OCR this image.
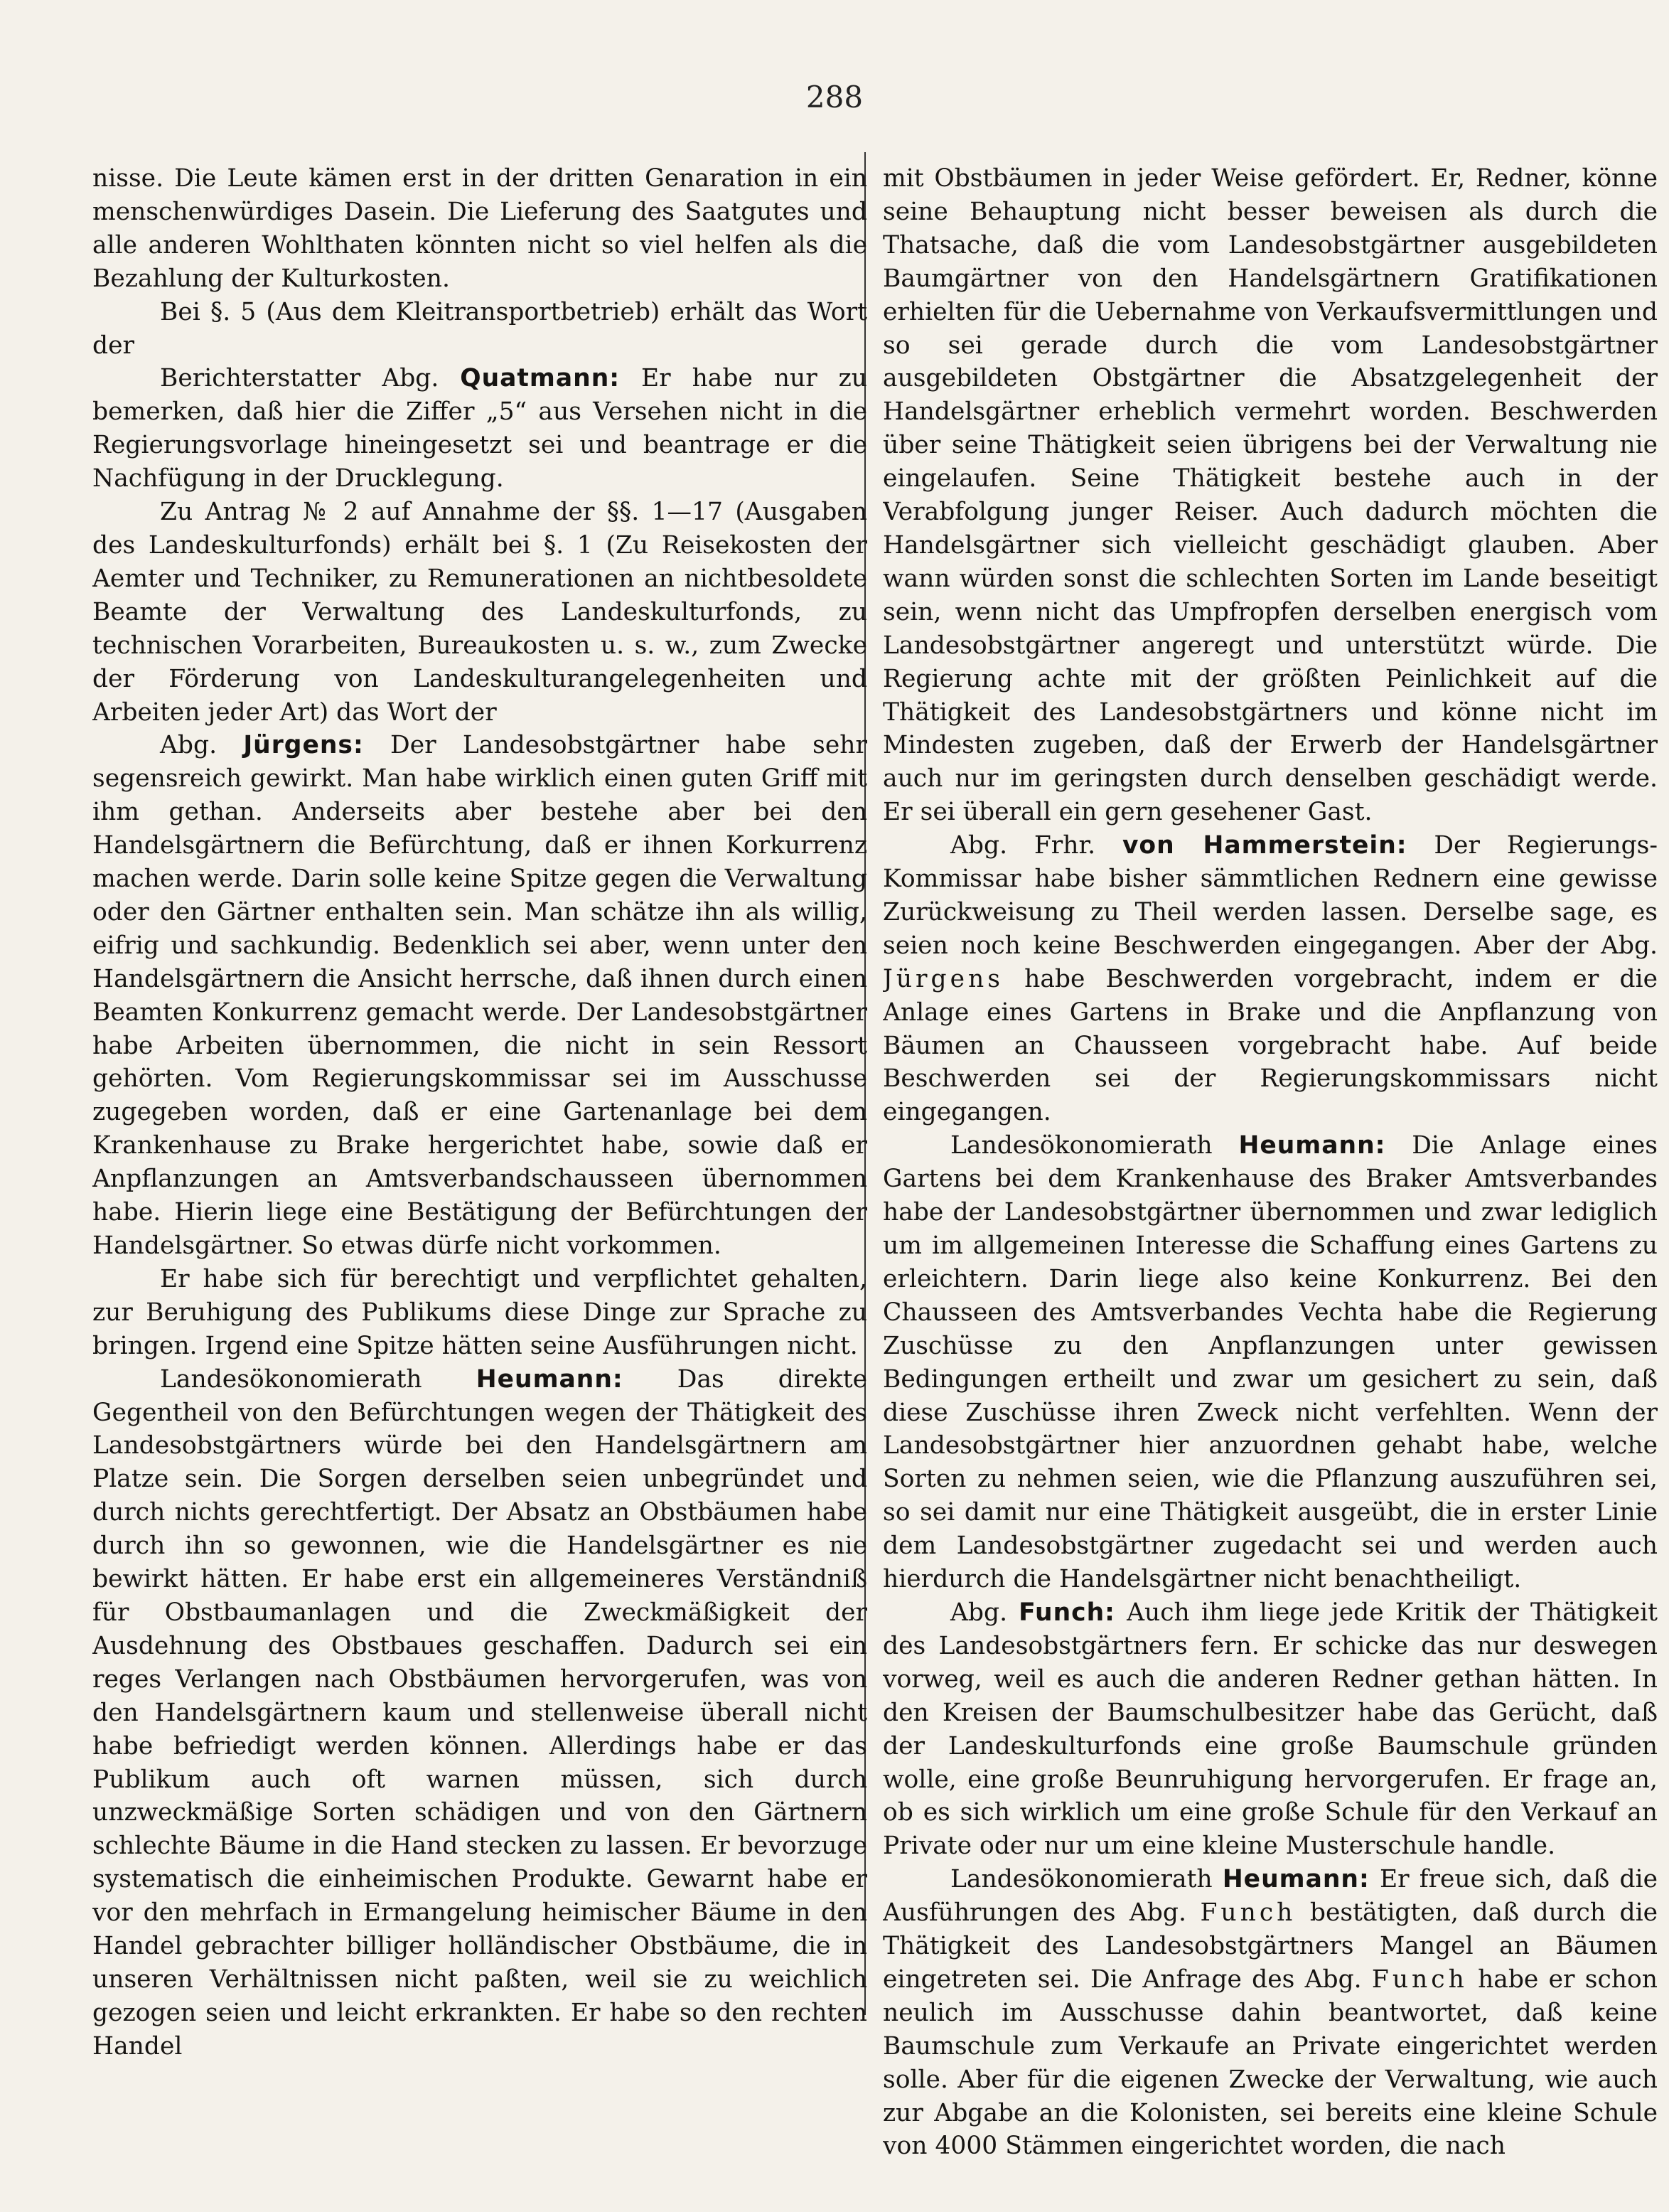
288

nisse. Die Leute kämen erst in der dritten Genaration in ein menschenwürdiges Dasein. Die Lieferung des Saatgutes und alle anderen Wohlthaten könnten nicht so viel helfen als die Bezahlung der Kulturkosten.

Bei §. 5 (Aus dem Kleitransportbetrieb) erhält das Wort der

Berichterstatter Abg. Quatmann: Er habe nur zu bemerken, daß hier die Ziffer „5“ aus Versehen nicht in die Regierungsvorlage hineingesetzt sei und beantrage er die Nachfügung in der Drucklegung.

Zu Antrag № 2 auf Annahme der §§. 1—17 (Ausgaben des Landeskulturfonds) erhält bei §. 1 (Zu Reisekosten der Aemter und Techniker, zu Remunerationen an nichtbesoldete Beamte der Verwaltung des Landeskulturfonds, zu technischen Vorarbeiten, Bureaukosten u. s. w., zum Zwecke der Förderung von Landeskulturangelegenheiten und Arbeiten jeder Art) das Wort der

Abg. Jürgens: Der Landesobstgärtner habe sehr segensreich gewirkt. Man habe wirklich einen guten Griff mit ihm gethan. Anderseits aber bestehe aber bei den Handelsgärtnern die Befürchtung, daß er ihnen Korkurrenz machen werde. Darin solle keine Spitze gegen die Verwaltung oder den Gärtner enthalten sein. Man schätze ihn als willig, eifrig und sachkundig. Bedenklich sei aber, wenn unter den Handelsgärtnern die Ansicht herrsche, daß ihnen durch einen Beamten Konkurrenz gemacht werde. Der Landesobstgärtner habe Arbeiten übernommen, die nicht in sein Ressort gehörten. Vom Regierungskommissar sei im Ausschusse zugegeben worden, daß er eine Gartenanlage bei dem Krankenhause zu Brake hergerichtet habe, sowie daß er Anpflanzungen an Amtsverbandschausseen übernommen habe. Hierin liege eine Bestätigung der Befürchtungen der Handelsgärtner. So etwas dürfe nicht vorkommen.

Er habe sich für berechtigt und verpflichtet gehalten, zur Beruhigung des Publikums diese Dinge zur Sprache zu bringen. Irgend eine Spitze hätten seine Ausführungen nicht.

Landesökonomierath Heumann: Das direkte Gegentheil von den Befürchtungen wegen der Thätigkeit des Landesobstgärtners würde bei den Handelsgärtnern am Platze sein. Die Sorgen derselben seien unbegründet und durch nichts gerechtfertigt. Der Absatz an Obstbäumen habe durch ihn so gewonnen, wie die Handelsgärtner es nie bewirkt hätten. Er habe erst ein allgemeineres Verständniß für Obstbaumanlagen und die Zweckmäßigkeit der Ausdehnung des Obstbaues geschaffen. Dadurch sei ein reges Verlangen nach Obstbäumen hervorgerufen, was von den Handelsgärtnern kaum und stellenweise überall nicht habe befriedigt werden können. Allerdings habe er das Publikum auch oft warnen müssen, sich durch unzweckmäßige Sorten schädigen und von den Gärtnern schlechte Bäume in die Hand stecken zu lassen. Er bevorzuge systematisch die einheimischen Produkte. Gewarnt habe er vor den mehrfach in Ermangelung heimischer Bäume in den Handel gebrachter billiger holländischer Obstbäume, die in unseren Verhältnissen nicht paßten, weil sie zu weichlich gezogen seien und leicht erkrankten. Er habe so den rechten Handel

mit Obstbäumen in jeder Weise gefördert. Er, Redner, könne seine Behauptung nicht besser beweisen als durch die Thatsache, daß die vom Landesobstgärtner ausgebildeten Baumgärtner von den Handelsgärtnern Gratifikationen erhielten für die Uebernahme von Verkaufsvermittlungen und so sei gerade durch die vom Landesobstgärtner ausgebildeten Obstgärtner die Absatzgelegenheit der Handelsgärtner erheblich vermehrt worden. Beschwerden über seine Thätigkeit seien übrigens bei der Verwaltung nie eingelaufen. Seine Thätigkeit bestehe auch in der Verabfolgung junger Reiser. Auch dadurch möchten die Handelsgärtner sich vielleicht geschädigt glauben. Aber wann würden sonst die schlechten Sorten im Lande beseitigt sein, wenn nicht das Umpfropfen derselben energisch vom Landesobstgärtner angeregt und unterstützt würde. Die Regierung achte mit der größten Peinlichkeit auf die Thätigkeit des Landesobstgärtners und könne nicht im Mindesten zugeben, daß der Erwerb der Handelsgärtner auch nur im geringsten durch denselben geschädigt werde. Er sei überall ein gern gesehener Gast.

Abg. Frhr. von Hammerstein: Der Regierungs-Kommissar habe bisher sämmtlichen Rednern eine gewisse Zurückweisung zu Theil werden lassen. Derselbe sage, es seien noch keine Beschwerden eingegangen. Aber der Abg. Jürgens habe Beschwerden vorgebracht, indem er die Anlage eines Gartens in Brake und die Anpflanzung von Bäumen an Chausseen vorgebracht habe. Auf beide Beschwerden sei der Regierungskommissars nicht eingegangen.

Landesökonomierath Heumann: Die Anlage eines Gartens bei dem Krankenhause des Braker Amtsverbandes habe der Landesobstgärtner übernommen und zwar lediglich um im allgemeinen Interesse die Schaffung eines Gartens zu erleichtern. Darin liege also keine Konkurrenz. Bei den Chausseen des Amtsverbandes Vechta habe die Regierung Zuschüsse zu den Anpflanzungen unter gewissen Bedingungen ertheilt und zwar um gesichert zu sein, daß diese Zuschüsse ihren Zweck nicht verfehlten. Wenn der Landesobstgärtner hier anzuordnen gehabt habe, welche Sorten zu nehmen seien, wie die Pflanzung auszuführen sei, so sei damit nur eine Thätigkeit ausgeübt, die in erster Linie dem Landesobstgärtner zugedacht sei und werden auch hierdurch die Handelsgärtner nicht benachtheiligt.

Abg. Funch: Auch ihm liege jede Kritik der Thätigkeit des Landesobstgärtners fern. Er schicke das nur deswegen vorweg, weil es auch die anderen Redner gethan hätten. In den Kreisen der Baumschulbesitzer habe das Gerücht, daß der Landeskulturfonds eine große Baumschule gründen wolle, eine große Beunruhigung hervorgerufen. Er frage an, ob es sich wirklich um eine große Schule für den Verkauf an Private oder nur um eine kleine Musterschule handle.

Landesökonomierath Heumann: Er freue sich, daß die Ausführungen des Abg. Funch bestätigten, daß durch die Thätigkeit des Landesobstgärtners Mangel an Bäumen eingetreten sei. Die Anfrage des Abg. Funch habe er schon neulich im Ausschusse dahin beantwortet, daß keine Baumschule zum Verkaufe an Private eingerichtet werden solle. Aber für die eigenen Zwecke der Verwaltung, wie auch zur Abgabe an die Kolonisten, sei bereits eine kleine Schule von 4000 Stämmen eingerichtet worden, die nach
